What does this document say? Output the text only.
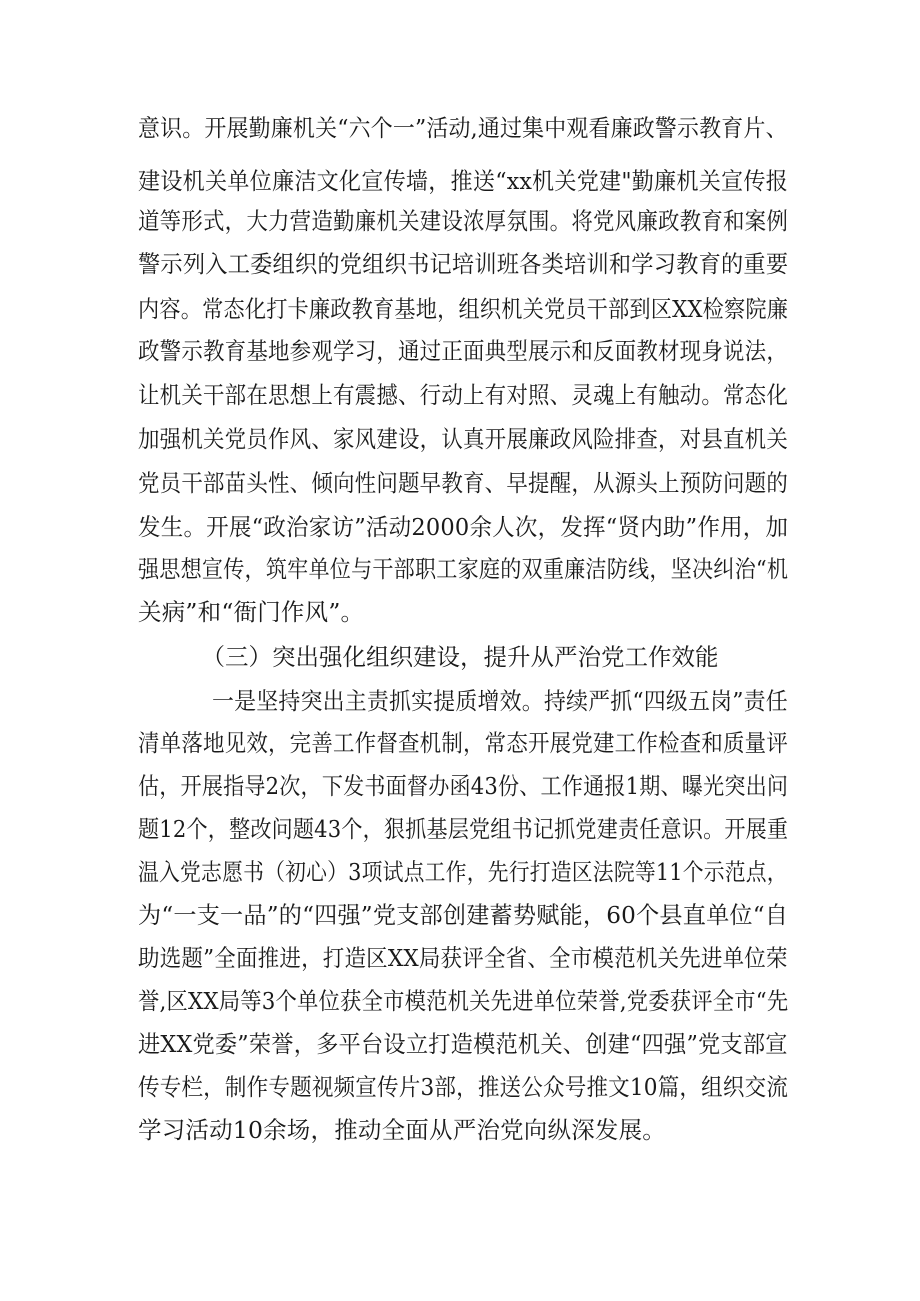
意识。开展勤廉机关“六个一”活动,通过集中观看廉政警示教育片、
建设机关单位廉洁文化宣传墙，推送“xx机关党建"勤廉机关宣传报
道等形式，大力营造勤廉机关建设浓厚氛围。将党风廉政教育和案例
警示列入工委组织的党组织书记培训班各类培训和学习教育的重要
内容。常态化打卡廉政教育基地，组织机关党员干部到区XX检察院廉
政警示教育基地参观学习，通过正面典型展示和反面教材现身说法，
让机关干部在思想上有震撼、行动上有对照、灵魂上有触动。常态化
加强机关党员作风、家风建设，认真开展廉政风险排查，对县直机关
党员干部苗头性、倾向性问题早教育、早提醒，从源头上预防问题的
发生。开展“政治家访”活动2000余人次，发挥“贤内助”作用，加
强思想宣传，筑牢单位与干部职工家庭的双重廉洁防线，坚决纠治“机
关病”和“衙门作风”。
（三）突出强化组织建设，提升从严治党工作效能
一是坚持突出主责抓实提质增效。持续严抓“四级五岗”责任
清单落地见效，完善工作督查机制，常态开展党建工作检查和质量评
估，开展指导2次，下发书面督办函43份、工作通报1期、曝光突出问
题12个，整改问题43个，狠抓基层党组书记抓党建责任意识。开展重
温入党志愿书（初心）3项试点工作，先行打造区法院等11个示范点，
为“一支一品”的“四强”党支部创建蓄势赋能，60个县直单位“自
助选题”全面推进，打造区XX局获评全省、全市模范机关先进单位荣
誉,区XX局等3个单位获全市模范机关先进单位荣誉,党委获评全市“先
进XX党委”荣誉，多平台设立打造模范机关、创建“四强”党支部宣
传专栏，制作专题视频宣传片3部，推送公众号推文10篇，组织交流
学习活动10余场，推动全面从严治党向纵深发展。
